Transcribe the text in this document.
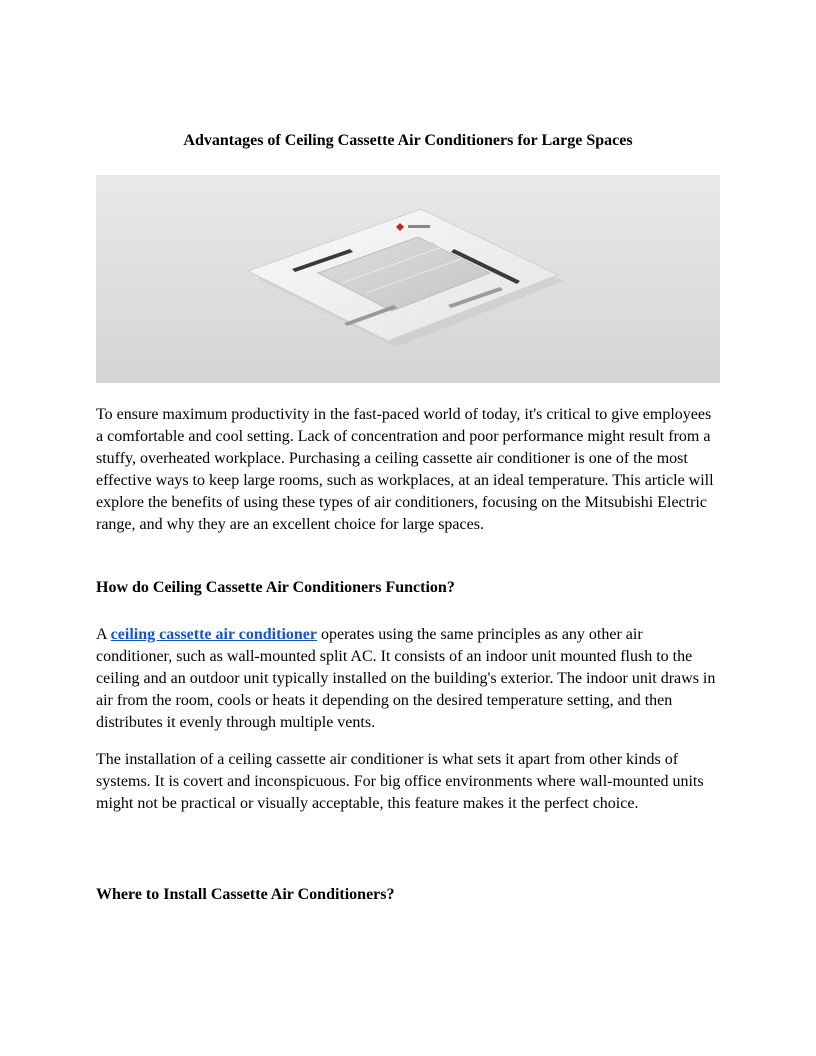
Advantages of Ceiling Cassette Air Conditioners for Large Spaces

To ensure maximum productivity in the fast-paced world of today, it's critical to give employees a comfortable and cool setting. Lack of concentration and poor performance might result from a stuffy, overheated workplace. Purchasing a ceiling cassette air conditioner is one of the most effective ways to keep large rooms, such as workplaces, at an ideal temperature. This article will explore the benefits of using these types of air conditioners, focusing on the Mitsubishi Electric range, and why they are an excellent choice for large spaces.

How do Ceiling Cassette Air Conditioners Function?

A ceiling cassette air conditioner operates using the same principles as any other air conditioner, such as wall-mounted split AC. It consists of an indoor unit mounted flush to the ceiling and an outdoor unit typically installed on the building's exterior. The indoor unit draws in air from the room, cools or heats it depending on the desired temperature setting, and then distributes it evenly through multiple vents.

The installation of a ceiling cassette air conditioner is what sets it apart from other kinds of systems. It is covert and inconspicuous. For big office environments where wall-mounted units might not be practical or visually acceptable, this feature makes it the perfect choice.

Where to Install Cassette Air Conditioners?
